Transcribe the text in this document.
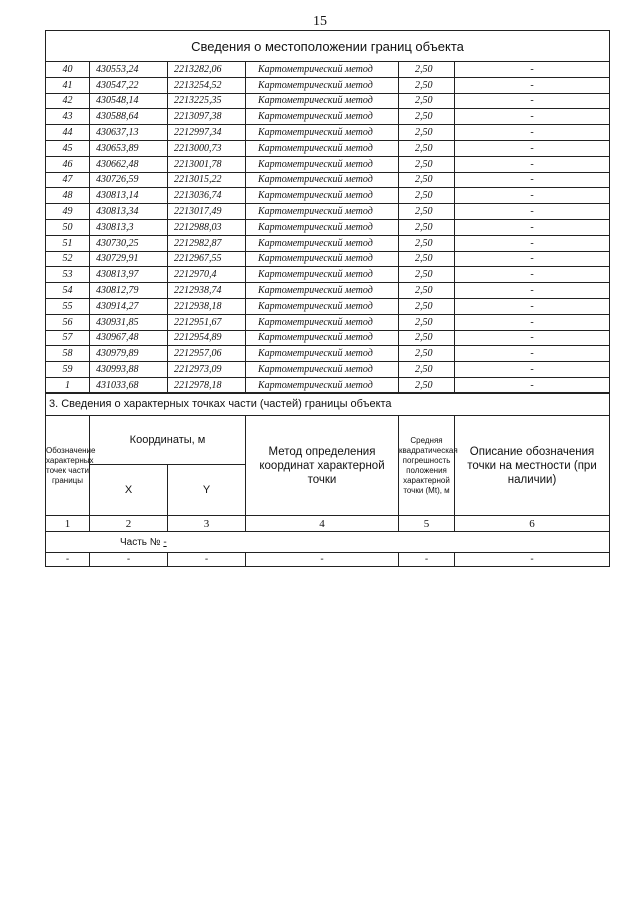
15
Сведения о местоположении границ объекта					
40	430553,24	2213282,06	Картометрический метод	2,50	-
41	430547,22	2213254,52	Картометрический метод	2,50	-
42	430548,14	2213225,35	Картометрический метод	2,50	-
43	430588,64	2213097,38	Картометрический метод	2,50	-
44	430637,13	2212997,34	Картометрический метод	2,50	-
45	430653,89	2213000,73	Картометрический метод	2,50	-
46	430662,48	2213001,78	Картометрический метод	2,50	-
47	430726,59	2213015,22	Картометрический метод	2,50	-
48	430813,14	2213036,74	Картометрический метод	2,50	-
49	430813,34	2213017,49	Картометрический метод	2,50	-
50	430813,3	2212988,03	Картометрический метод	2,50	-
51	430730,25	2212982,87	Картометрический метод	2,50	-
52	430729,91	2212967,55	Картометрический метод	2,50	-
53	430813,97	2212970,4	Картометрический метод	2,50	-
54	430812,79	2212938,74	Картометрический метод	2,50	-
55	430914,27	2212938,18	Картометрический метод	2,50	-
56	430931,85	2212951,67	Картометрический метод	2,50	-
57	430967,48	2212954,89	Картометрический метод	2,50	-
58	430979,89	2212957,06	Картометрический метод	2,50	-
59	430993,88	2212973,09	Картометрический метод	2,50	-
1	431033,68	2212978,18	Картометрический метод	2,50	-
3. Сведения о характерных точках части (частей) границы объекта					
Обозначение характерных точек части границы	Координаты, м		Метод определения координат характерной точки	Средняя квадратическая погрешность положения характерной точки (Mt), м	Описание обозначения точки на местности (при наличии)
	X	Y			
1	2	3	4	5	6
Часть № -					
-	-	-	-	-	-
